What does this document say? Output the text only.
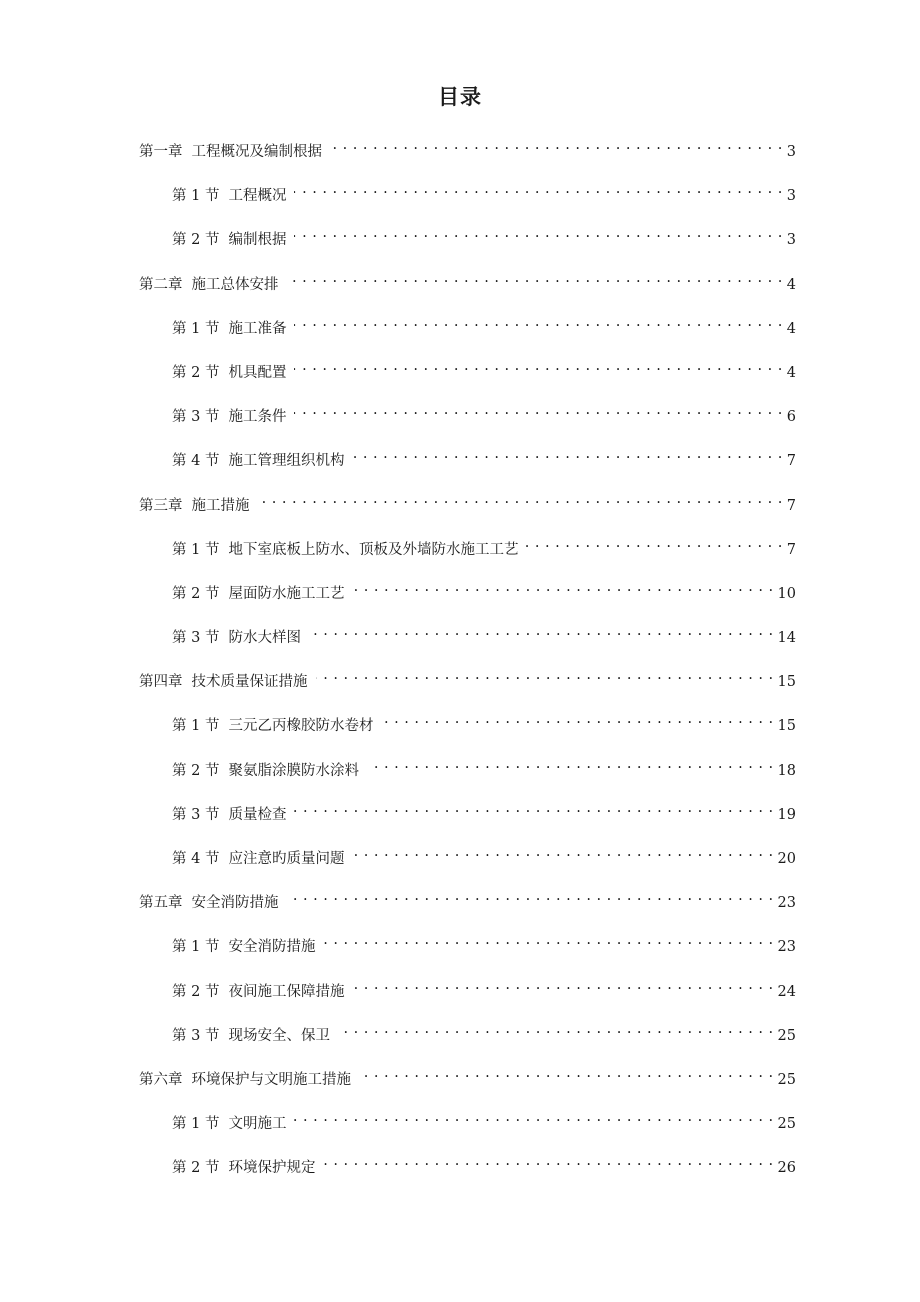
目录
第一章 工程概况及编制根据 . . .	3
第 1 节 工程概况 . . .	3
第 2 节 编制根据 . . .	3
第二章 施工总体安排 . . .	4
第 1 节 施工准备 . . .	4
第 2 节 机具配置 . . .	4
第 3 节 施工条件 . . .	6
第 4 节 施工管理组织机构 . . .	7
第三章 施工措施 . . .	7
第 1 节 地下室底板上防水、顶板及外墙防水施工工艺 . . .	7
第 2 节 屋面防水施工工艺 . . .	10
第 3 节 防水大样图 . . .	14
第四章 技术质量保证措施 . . .	15
第 1 节 三元乙丙橡胶防水卷材 . . .	15
第 2 节 聚氨脂涂膜防水涂料 . . .	18
第 3 节 质量检查 . . .	19
第 4 节 应注意旳质量问题 . . .	20
第五章 安全消防措施 . . .	23
第 1 节 安全消防措施 . . .	23
第 2 节 夜间施工保障措施 . . .	24
第 3 节 现场安全、保卫 . . .	25
第六章 环境保护与文明施工措施 . . .	25
第 1 节 文明施工 . . .	25
第 2 节 环境保护规定 . . .	26
